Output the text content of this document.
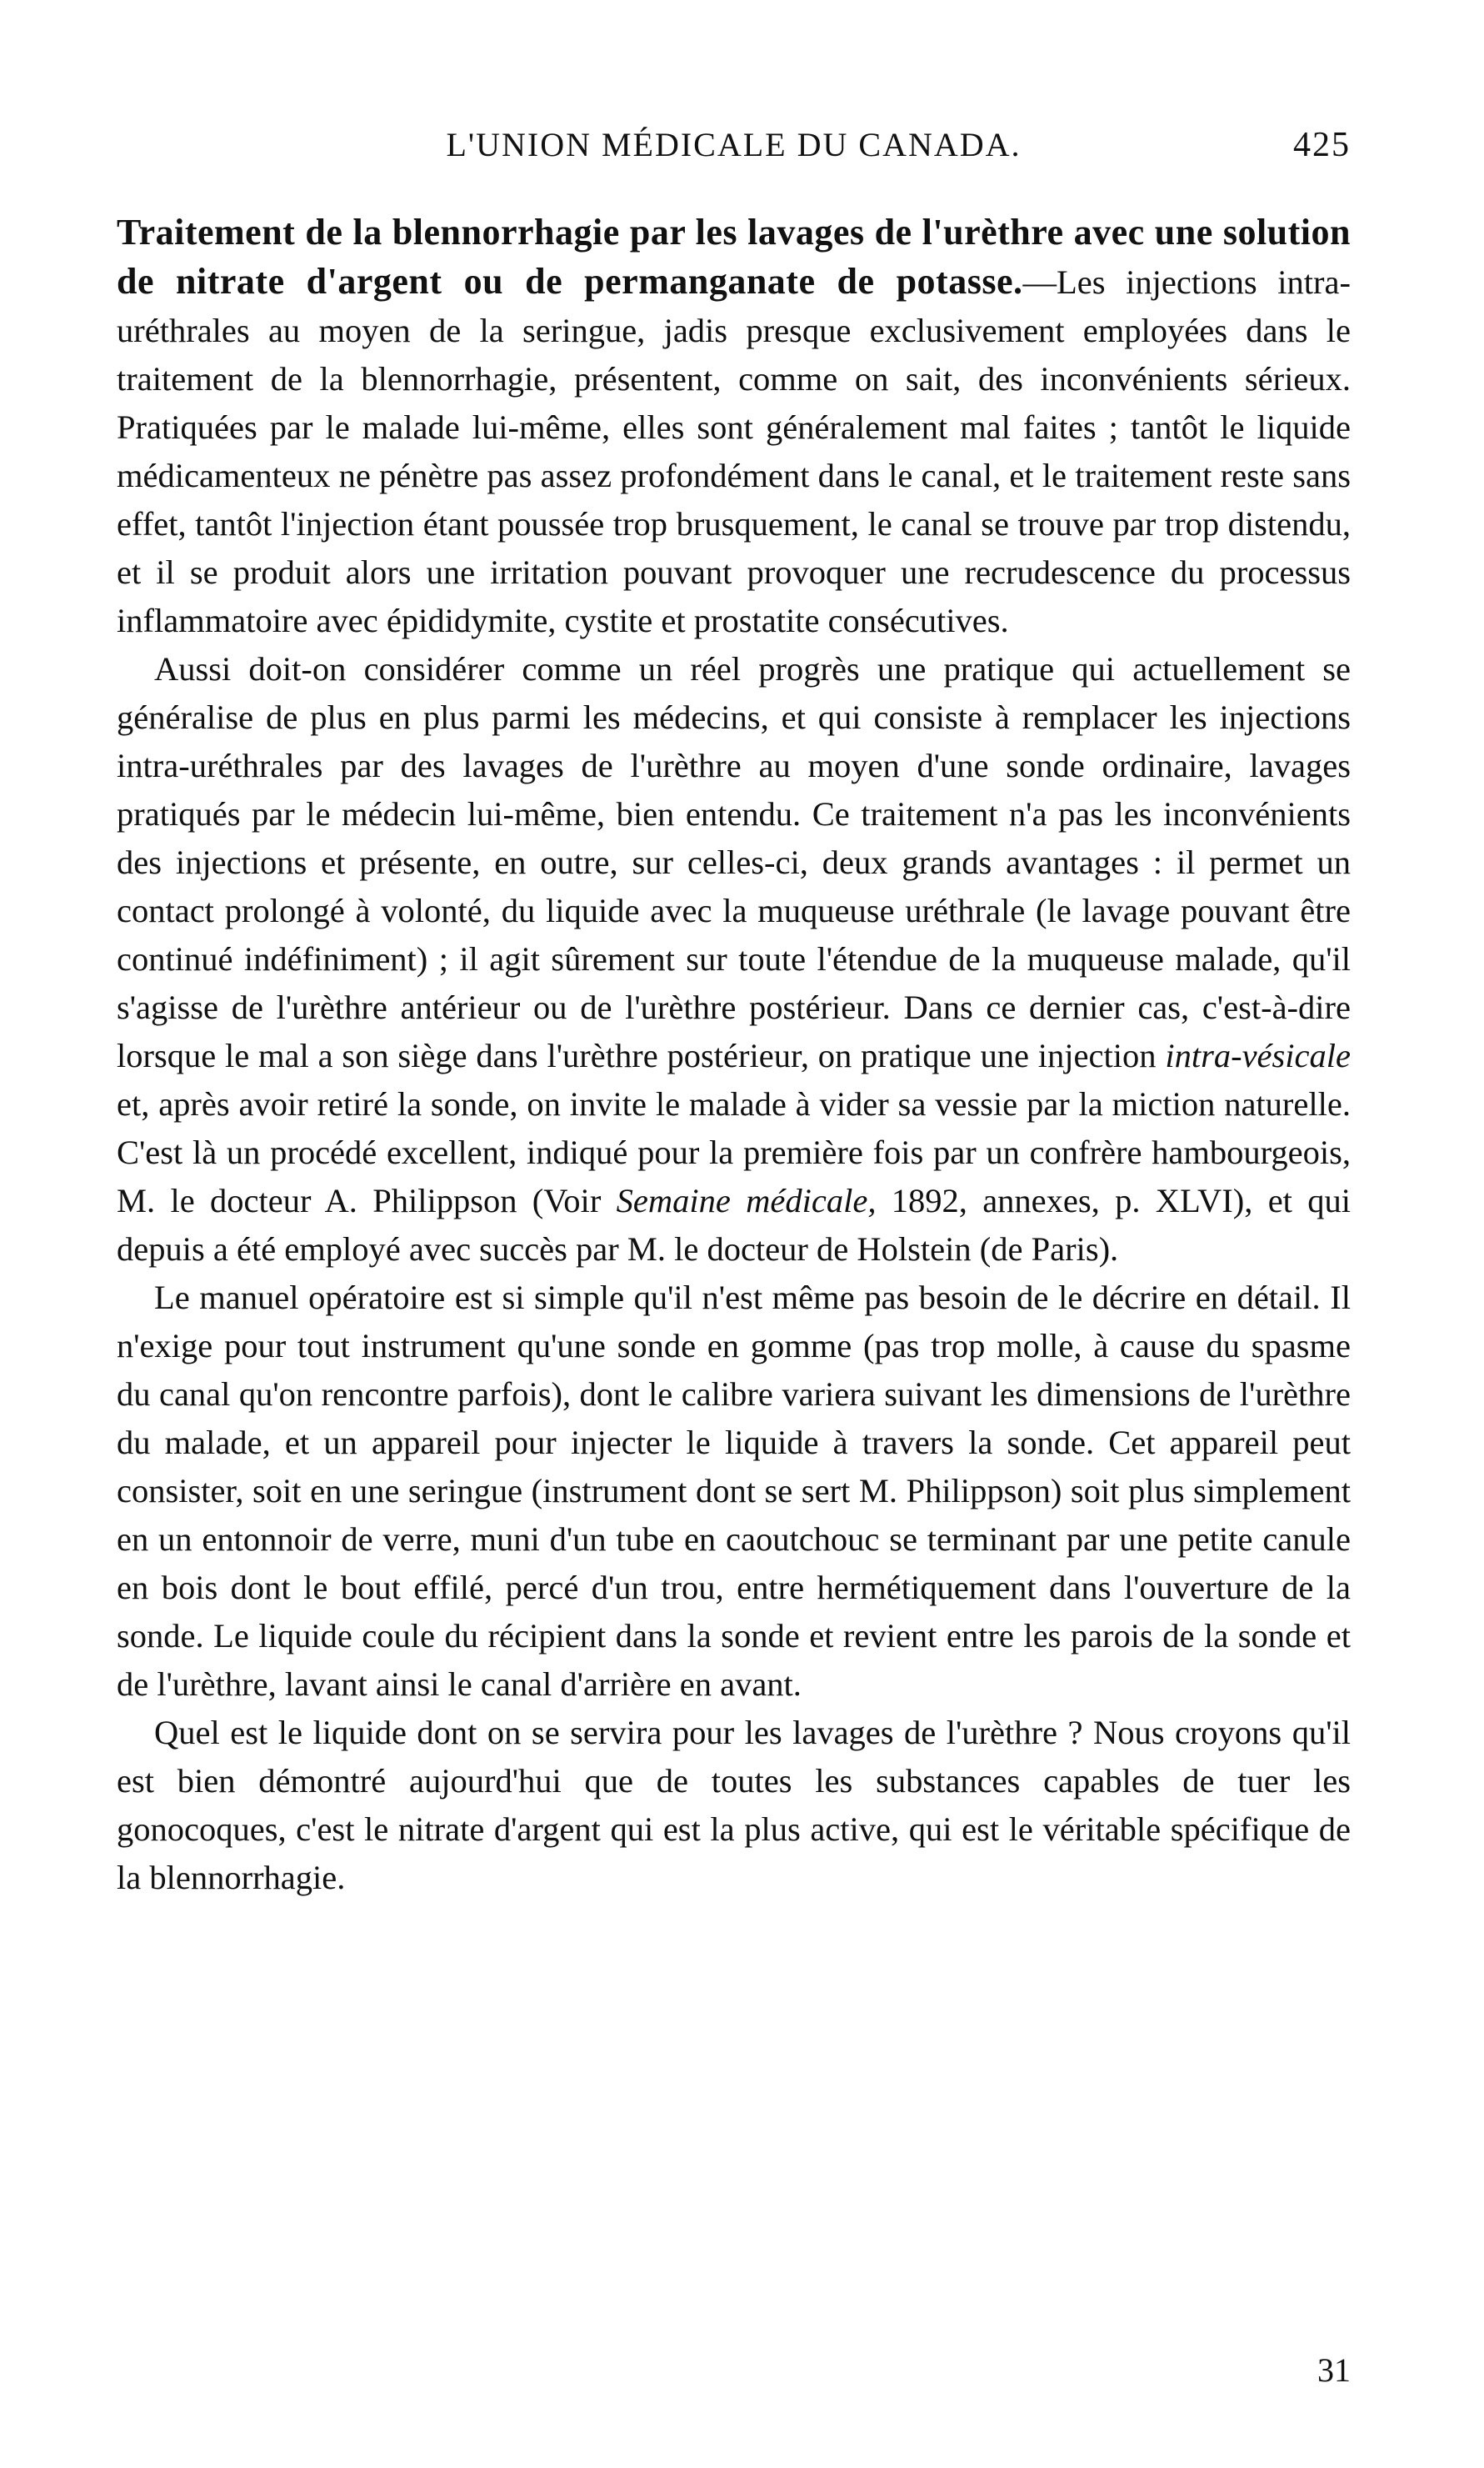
L'UNION MÉDICALE DU CANADA.	425

Traitement de la blennorrhagie par les lavages de l'urèthre avec une solution de nitrate d'argent ou de permanganate de potasse.—Les injections intra-uréthrales au moyen de la seringue, jadis presque exclusivement employées dans le traitement de la blennorrhagie, présentent, comme on sait, des inconvénients sérieux. Pratiquées par le malade lui-même, elles sont généralement mal faites ; tantôt le liquide médicamenteux ne pénètre pas assez profondément dans le canal, et le traitement reste sans effet, tantôt l'injection étant poussée trop brusquement, le canal se trouve par trop distendu, et il se produit alors une irritation pouvant provoquer une recrudescence du processus inflammatoire avec épididymite, cystite et prostatite consécutives.

Aussi doit-on considérer comme un réel progrès une pratique qui actuellement se généralise de plus en plus parmi les médecins, et qui consiste à remplacer les injections intra-uréthrales par des lavages de l'urèthre au moyen d'une sonde ordinaire, lavages pratiqués par le médecin lui-même, bien entendu. Ce traitement n'a pas les inconvénients des injections et présente, en outre, sur celles-ci, deux grands avantages : il permet un contact prolongé à volonté, du liquide avec la muqueuse uréthrale (le lavage pouvant être continué indéfiniment) ; il agit sûrement sur toute l'étendue de la muqueuse malade, qu'il s'agisse de l'urèthre antérieur ou de l'urèthre postérieur. Dans ce dernier cas, c'est-à-dire lorsque le mal a son siège dans l'urèthre postérieur, on pratique une injection intra-vésicale et, après avoir retiré la sonde, on invite le malade à vider sa vessie par la miction naturelle. C'est là un procédé excellent, indiqué pour la première fois par un confrère hambourgeois, M. le docteur A. Philippson (Voir Semaine médicale, 1892, annexes, p. XLVI), et qui depuis a été employé avec succès par M. le docteur de Holstein (de Paris).

Le manuel opératoire est si simple qu'il n'est même pas besoin de le décrire en détail. Il n'exige pour tout instrument qu'une sonde en gomme (pas trop molle, à cause du spasme du canal qu'on rencontre parfois), dont le calibre variera suivant les dimensions de l'urèthre du malade, et un appareil pour injecter le liquide à travers la sonde. Cet appareil peut consister, soit en une seringue (instrument dont se sert M. Philippson) soit plus simplement en un entonnoir de verre, muni d'un tube en caoutchouc se terminant par une petite canule en bois dont le bout effilé, percé d'un trou, entre hermétiquement dans l'ouverture de la sonde. Le liquide coule du récipient dans la sonde et revient entre les parois de la sonde et de l'urèthre, lavant ainsi le canal d'arrière en avant.

Quel est le liquide dont on se servira pour les lavages de l'urèthre ? Nous croyons qu'il est bien démontré aujourd'hui que de toutes les substances capables de tuer les gonocoques, c'est le nitrate d'argent qui est la plus active, qui est le véritable spécifique de la blennorrhagie.

31
